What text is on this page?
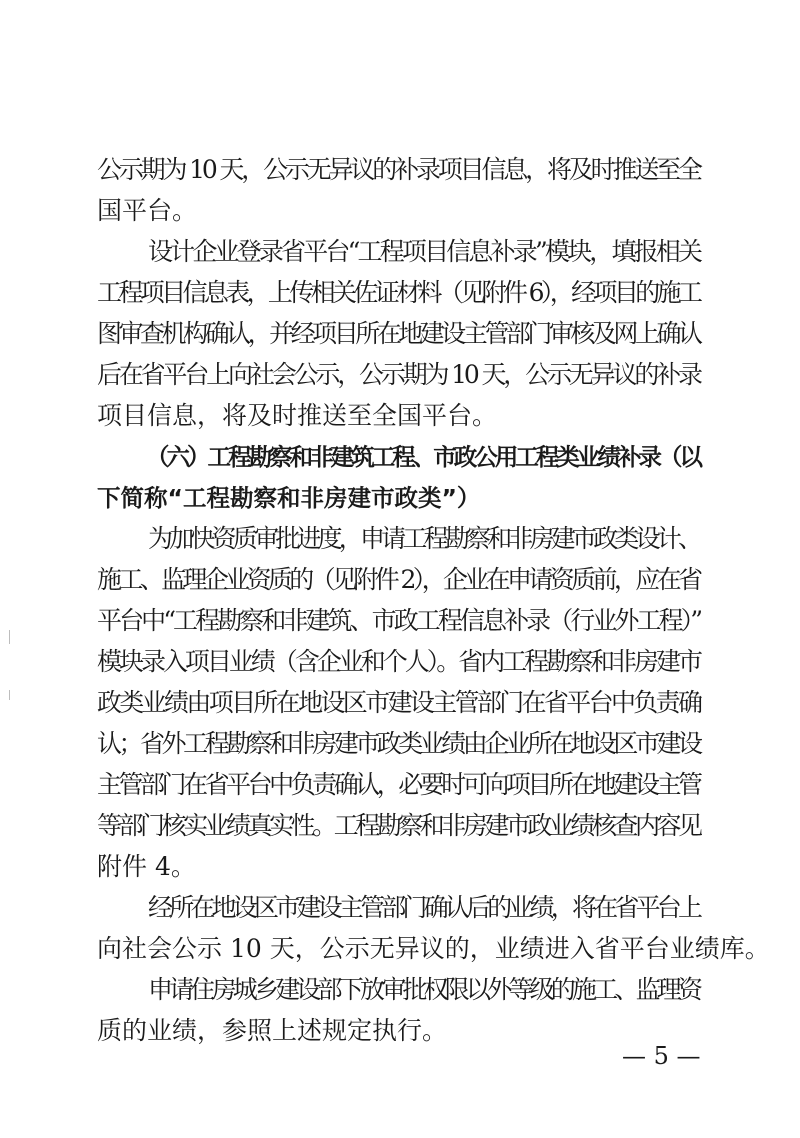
公示期为 10 天，公示无异议的补录项目信息，将及时推送至全

国平台。

设计企业登录省平台“工程项目信息补录”模块，填报相关

工程项目信息表，上传相关佐证材料（见附件 6），经项目的施工

图审查机构确认，并经项目所在地建设主管部门审核及网上确认

后在省平台上向社会公示，公示期为 10 天，公示无异议的补录

项目信息，将及时推送至全国平台。

（六）工程勘察和非建筑工程、市政公用工程类业绩补录（以

下简称“工程勘察和非房建市政类”）

为加快资质审批进度，申请工程勘察和非房建市政类设计、

施工、监理企业资质的（见附件 2），企业在申请资质前，应在省

平台中“工程勘察和非建筑、市政工程信息补录（行业外工程）”

模块录入项目业绩（含企业和个人）。省内工程勘察和非房建市

政类业绩由项目所在地设区市建设主管部门在省平台中负责确

认；省外工程勘察和非房建市政类业绩由企业所在地设区市建设

主管部门在省平台中负责确认，必要时可向项目所在地建设主管

等部门核实业绩真实性。工程勘察和非房建市政业绩核查内容见

附件 4。

经所在地设区市建设主管部门确认后的业绩，将在省平台上

向社会公示 10 天，公示无异议的，业绩进入省平台业绩库。

申请住房城乡建设部下放审批权限以外等级的施工、监理资

质的业绩，参照上述规定执行。

— 5 —
